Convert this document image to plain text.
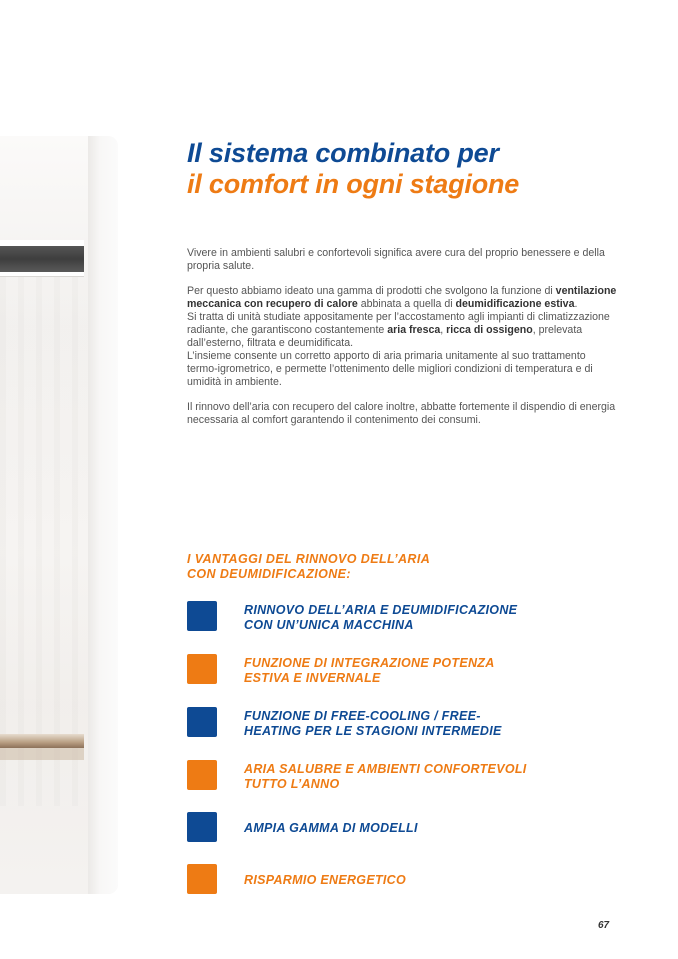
Il sistema combinato per
il comfort in ogni stagione

Vivere in ambienti salubri e confortevoli significa avere cura del proprio benessere e della propria salute.

Per questo abbiamo ideato una gamma di prodotti che svolgono la funzione di ventilazione meccanica con recupero di calore abbinata a quella di deumidificazione estiva.
Si tratta di unità studiate appositamente per l’accostamento agli impianti di climatizzazione radiante, che garantiscono costantemente aria fresca, ricca di ossigeno, prelevata dall’esterno, filtrata e deumidificata.
L’insieme consente un corretto apporto di aria primaria unitamente al suo trattamento termo-igrometrico, e permette l’ottenimento delle migliori condizioni di temperatura e di umidità in ambiente.

Il rinnovo dell’aria con recupero del calore inoltre, abbatte fortemente il dispendio di energia necessaria al comfort garantendo il contenimento dei consumi.

I VANTAGGI DEL RINNOVO DELL’ARIA
CON DEUMIDIFICAZIONE:
RINNOVO DELL’ARIA E DEUMIDIFICAZIONE
CON UN’UNICA MACCHINA
FUNZIONE DI INTEGRAZIONE POTENZA
ESTIVA E INVERNALE
FUNZIONE DI FREE-COOLING / FREE-
HEATING PER LE STAGIONI INTERMEDIE
ARIA SALUBRE E AMBIENTI CONFORTEVOLI
TUTTO L’ANNO
AMPIA GAMMA DI MODELLI
RISPARMIO ENERGETICO
67
